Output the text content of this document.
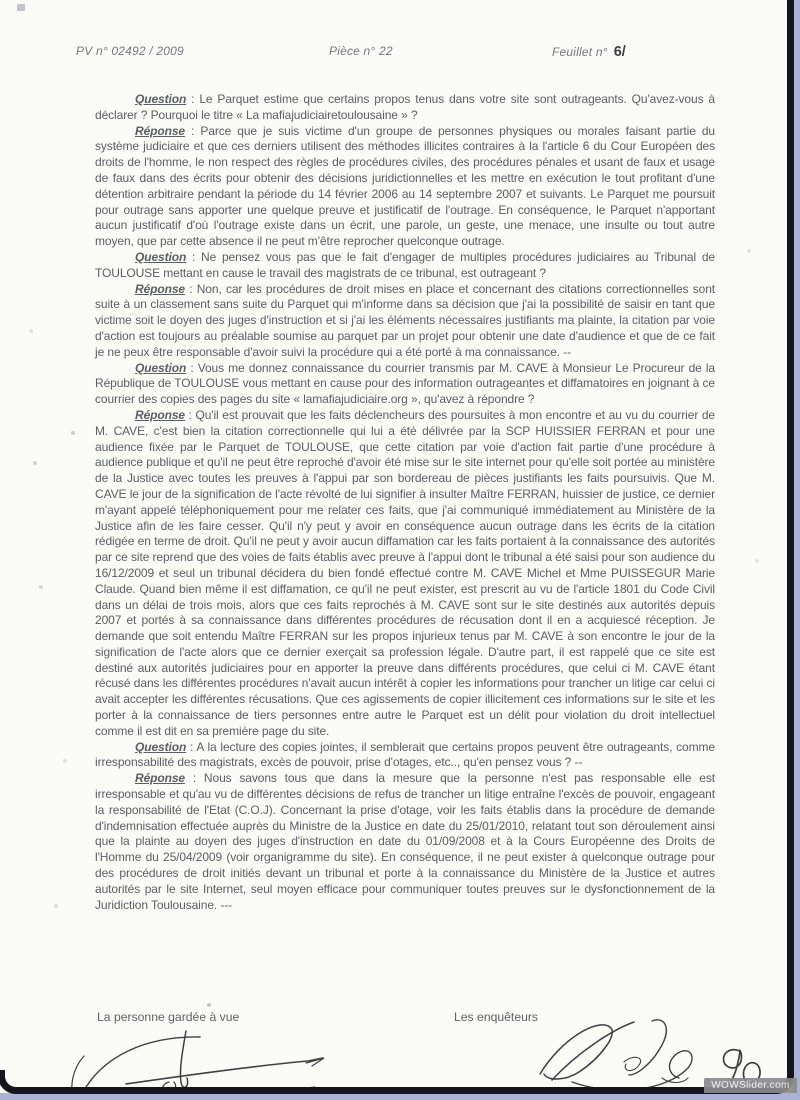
PV n° 02492 / 2009	Pièce n° 22	Feuillet n° 6/

Question : Le Parquet estime que certains propos tenus dans votre site sont outrageants. Qu'avez-vous à déclarer ? Pourquoi le titre « La mafiajudiciairetoulousaine » ?

Réponse : Parce que je suis victime d'un groupe de personnes physiques ou morales faisant partie du système judiciaire et que ces derniers utilisent des méthodes illicites contraires à la l'article 6 du Cour Européen des droits de l'homme, le non respect des règles de procédures civiles, des procédures pénales et usant de faux et usage de faux dans des écrits pour obtenir des décisions juridictionnelles et les mettre en exécution le tout profitant d'une détention arbitraire pendant la période du 14 février 2006 au 14 septembre 2007 et suivants. Le Parquet me poursuit pour outrage sans apporter une quelque preuve et justificatif de l'outrage. En conséquence, le Parquet n'apportant aucun justificatif d'où l'outrage existe dans un écrit, une parole, un geste, une menace, une insulte ou tout autre moyen, que par cette absence il ne peut m'être reprocher quelconque outrage.

Question : Ne pensez vous pas que le fait d'engager de multiples procédures judiciaires au Tribunal de TOULOUSE mettant en cause le travail des magistrats de ce tribunal, est outrageant ?

Réponse : Non, car les procédures de droit mises en place et concernant des citations correctionnelles sont suite à un classement sans suite du Parquet qui m'informe dans sa décision que j'ai la possibilité de saisir en tant que victime soit le doyen des juges d'instruction et si j'ai les éléments nécessaires justifiants ma plainte, la citation par voie d'action est toujours au préalable soumise au parquet par un projet pour obtenir une date d'audience et que de ce fait je ne peux être responsable d'avoir suivi la procédure qui a été porté à ma connaissance. --

Question : Vous me donnez connaissance du courrier transmis par M. CAVE à Monsieur Le Procureur de la République de TOULOUSE vous mettant en cause pour des information outrageantes et diffamatoires en joignant à ce courrier des copies des pages du site « lamafiajudiciaire.org », qu'avez à répondre ?

Réponse : Qu'il est prouvait que les faits déclencheurs des poursuites à mon encontre et au vu du courrier de M. CAVE, c'est bien la citation correctionnelle qui lui a été délivrée par la SCP HUISSIER FERRAN et pour une audience fixée par le Parquet de TOULOUSE, que cette citation par voie d'action fait partie d'une procédure à audience publique et qu'il ne peut être reproché d'avoir été mise sur le site internet pour qu'elle soit portée au ministère de la Justice avec toutes les preuves à l'appui par son bordereau de pièces justifiants les faits poursuivis. Que M. CAVE le jour de la signification de l'acte révolté de lui signifier à insulter Maître FERRAN, huissier de justice, ce dernier m'ayant appelé téléphoniquement pour me relater ces faits, que j'ai communiqué immédiatement au Ministère de la Justice afin de les faire cesser. Qu'il n'y peut y avoir en conséquence aucun outrage dans les écrits de la citation rédigée en terme de droit. Qu'il ne peut y avoir aucun diffamation car les faits portaient à la connaissance des autorités par ce site reprend que des voies de faits établis avec preuve à l'appui dont le tribunal a été saisi pour son audience du 16/12/2009 et seul un tribunal décidera du bien fondé effectué contre M. CAVE Michel et Mme PUISSEGUR Marie Claude. Quand bien même il est diffamation, ce qu'il ne peut exister, est prescrit au vu de l'article 1801 du Code Civil dans un délai de trois mois, alors que ces faits reprochés à M. CAVE sont sur le site destinés aux autorités depuis 2007 et portés à sa connaissance dans différentes procédures de récusation dont il en a acquiescé réception. Je demande que soit entendu Maître FERRAN sur les propos injurieux tenus par M. CAVE à son encontre le jour de la signification de l'acte alors que ce dernier exerçait sa profession légale. D'autre part, il est rappelé que ce site est destiné aux autorités judiciaires pour en apporter la preuve dans différents procédures, que celui ci M. CAVE étant récusé dans les différentes procédures n'avait aucun intérêt à copier les informations pour trancher un litige car celui ci avait accepter les différentes récusations. Que ces agissements de copier illicitement ces informations sur le site et les porter à la connaissance de tiers personnes entre autre le Parquet est un délit pour violation du droit intellectuel comme il est dit en sa première page du site.

Question : A la lecture des copies jointes, il semblerait que certains propos peuvent être outrageants, comme irresponsabilité des magistrats, excès de pouvoir, prise d'otages, etc.., qu'en pensez vous ? --

Réponse : Nous savons tous que dans la mesure que la personne n'est pas responsable elle est irresponsable et qu'au vu de différentes décisions de refus de trancher un litige entraîne l'excès de pouvoir, engageant la responsabilité de l'Etat (C.O.J). Concernant la prise d'otage, voir les faits établis dans la procédure de demande d'indemnisation effectuée auprès du Ministre de la Justice en date du 25/01/2010, relatant tout son déroulement ainsi que la plainte au doyen des juges d'instruction en date du 01/09/2008 et à la Cours Européenne des Droits de l'Homme du 25/04/2009 (voir organigramme du site). En conséquence, il ne peut exister à quelconque outrage pour des procédures de droit initiés devant un tribunal et porte à la connaissance du Ministère de la Justice et autres autorités par le site Internet, seul moyen efficace pour communiquer toutes preuves sur le dysfonctionnement de la Juridiction Toulousaine. ---

La personne gardée à vue	Les enquêteurs
WOWSlider.com
